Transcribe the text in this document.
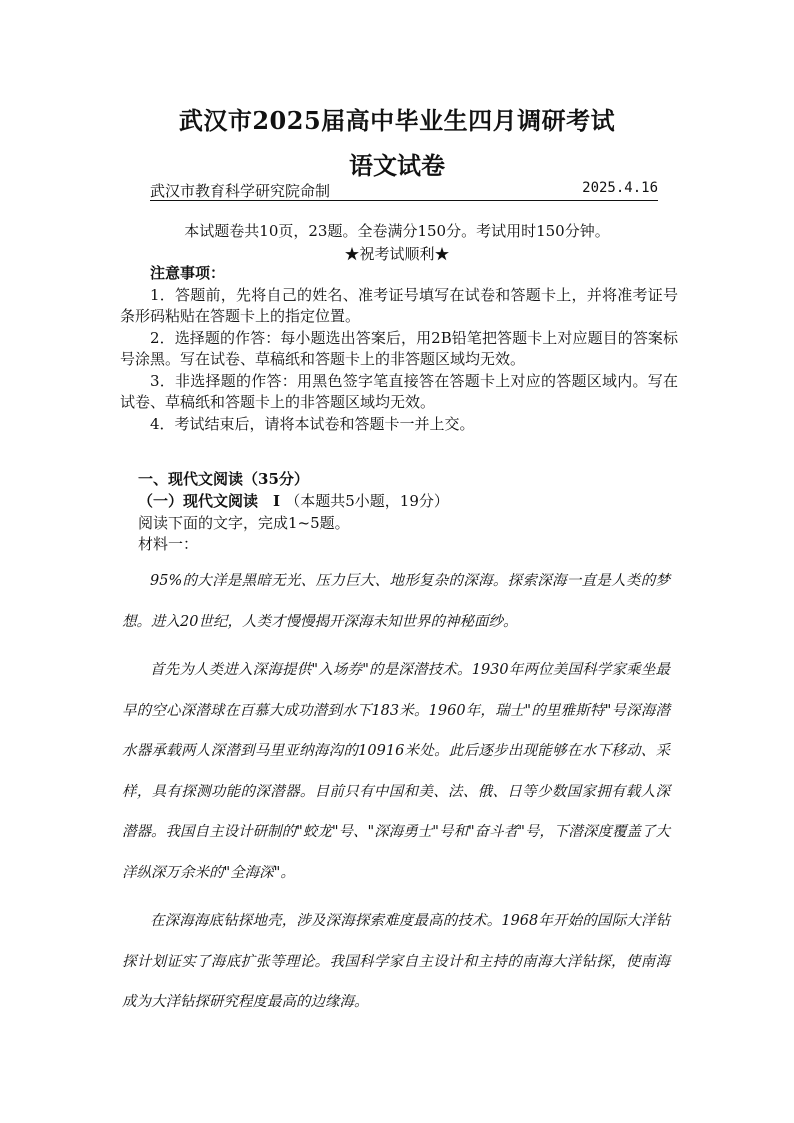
武汉市2025届高中毕业生四月调研考试
语文试卷
武汉市教育科学研究院命制	2025.4.16
本试题卷共10页，23题。全卷满分150分。考试用时150分钟。
★祝考试顺利★
注意事项：
1．答题前，先将自己的姓名、准考证号填写在试卷和答题卡上，并将准考证号条形码粘贴在答题卡上的指定位置。
2．选择题的作答：每小题选出答案后，用2B铅笔把答题卡上对应题目的答案标号涂黑。写在试卷、草稿纸和答题卡上的非答题区域均无效。
3．非选择题的作答：用黑色签字笔直接答在答题卡上对应的答题区域内。写在试卷、草稿纸和答题卡上的非答题区域均无效。
4．考试结束后，请将本试卷和答题卡一并上交。
一、现代文阅读（35分）
（一）现代文阅读　Ⅰ （本题共5小题，19分）
阅读下面的文字，完成1~5题。
材料一：

95%的大洋是黑暗无光、压力巨大、地形复杂的深海。探索深海一直是人类的梦想。进入20世纪，人类才慢慢揭开深海未知世界的神秘面纱。

首先为人类进入深海提供"入场券"的是深潜技术。1930年两位美国科学家乘坐最早的空心深潜球在百慕大成功潜到水下183米。1960年，瑞士"的里雅斯特"号深海潜水器承载两人深潜到马里亚纳海沟的10916米处。此后逐步出现能够在水下移动、采样，具有探测功能的深潜器。目前只有中国和美、法、俄、日等少数国家拥有载人深潜器。我国自主设计研制的"蛟龙"号、"深海勇士"号和"奋斗者"号，下潜深度覆盖了大洋纵深万余米的"全海深"。

在深海海底钻探地壳，涉及深海探索难度最高的技术。1968年开始的国际大洋钻探计划证实了海底扩张等理论。我国科学家自主设计和主持的南海大洋钻探，使南海成为大洋钻探研究程度最高的边缘海。
